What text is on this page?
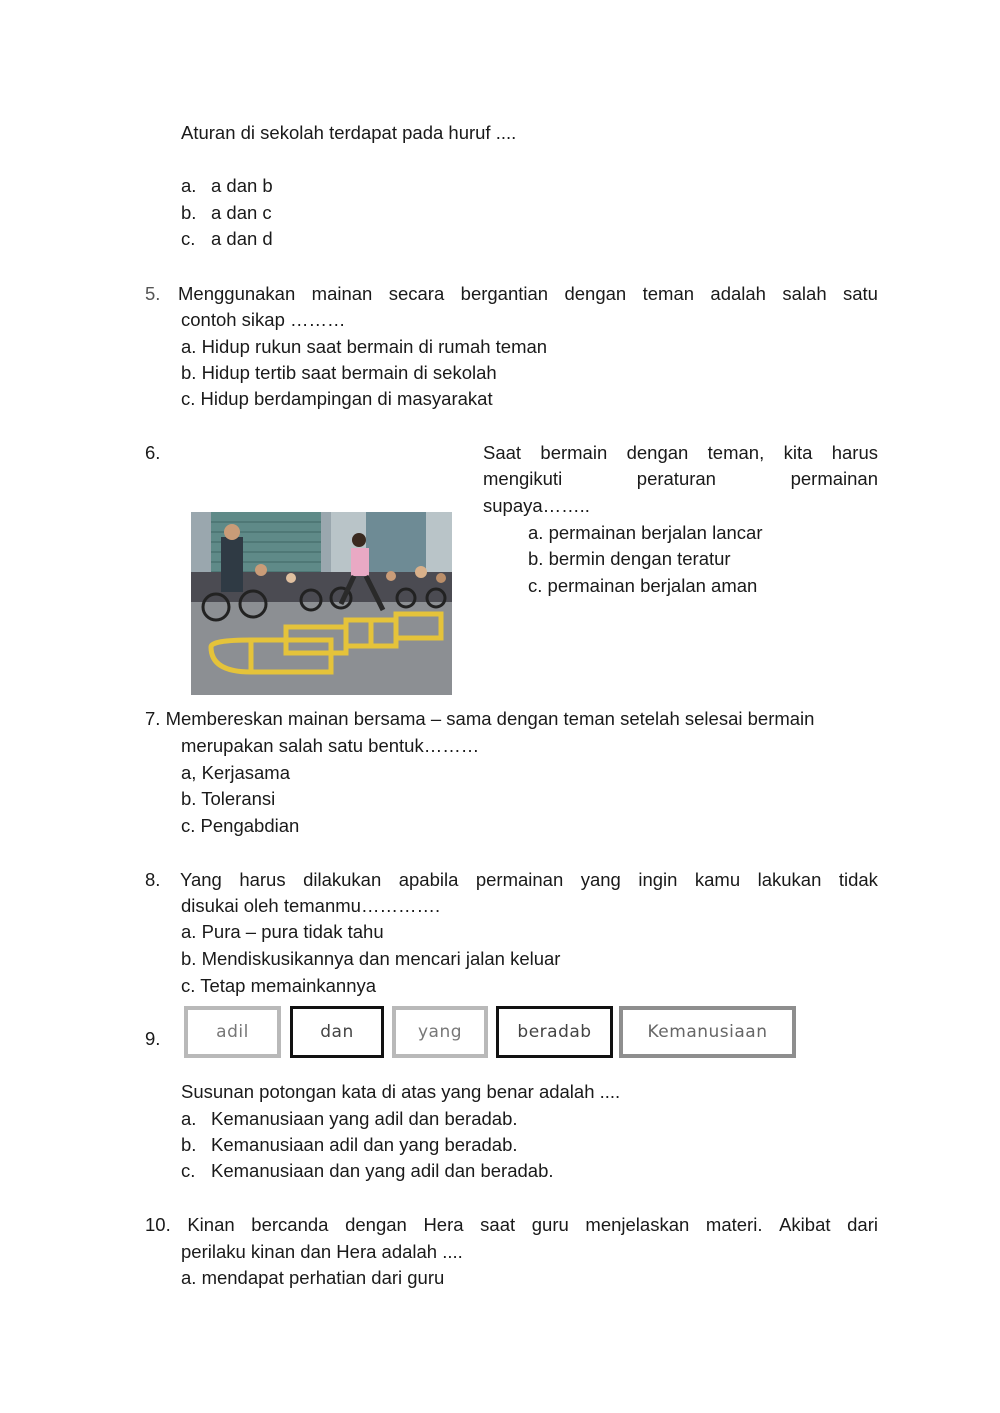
Aturan di sekolah terdapat pada huruf ....
a. a dan b
b. a dan c
c. a dan d
5. Menggunakan mainan secara bergantian dengan teman adalah salah satu
contoh sikap ………
a. Hidup rukun saat bermain di rumah teman
b. Hidup tertib saat bermain di sekolah
c. Hidup berdampingan di masyarakat
6.	Saat bermain dengan teman, kita harus
mengikuti	peraturan	permainan
supaya……..
a. permainan berjalan lancar
b. bermin dengan teratur
c. permainan berjalan aman
7. Membereskan mainan bersama – sama dengan teman setelah selesai bermain
merupakan salah satu bentuk………
a, Kerjasama
b. Toleransi
c. Pengabdian
8. Yang harus dilakukan apabila permainan yang ingin kamu lakukan tidak
disukai oleh temanmu………….
a. Pura – pura tidak tahu
b. Mendiskusikannya dan mencari jalan keluar
c. Tetap memainkannya
9.	adil	dan	yang	beradab	Kemanusiaan
Susunan potongan kata di atas yang benar adalah ....
a. Kemanusiaan yang adil dan beradab.
b. Kemanusiaan adil dan yang beradab.
c. Kemanusiaan dan yang adil dan beradab.
10. Kinan bercanda dengan Hera saat guru menjelaskan materi. Akibat dari
perilaku kinan dan Hera adalah ....
a. mendapat perhatian dari guru
